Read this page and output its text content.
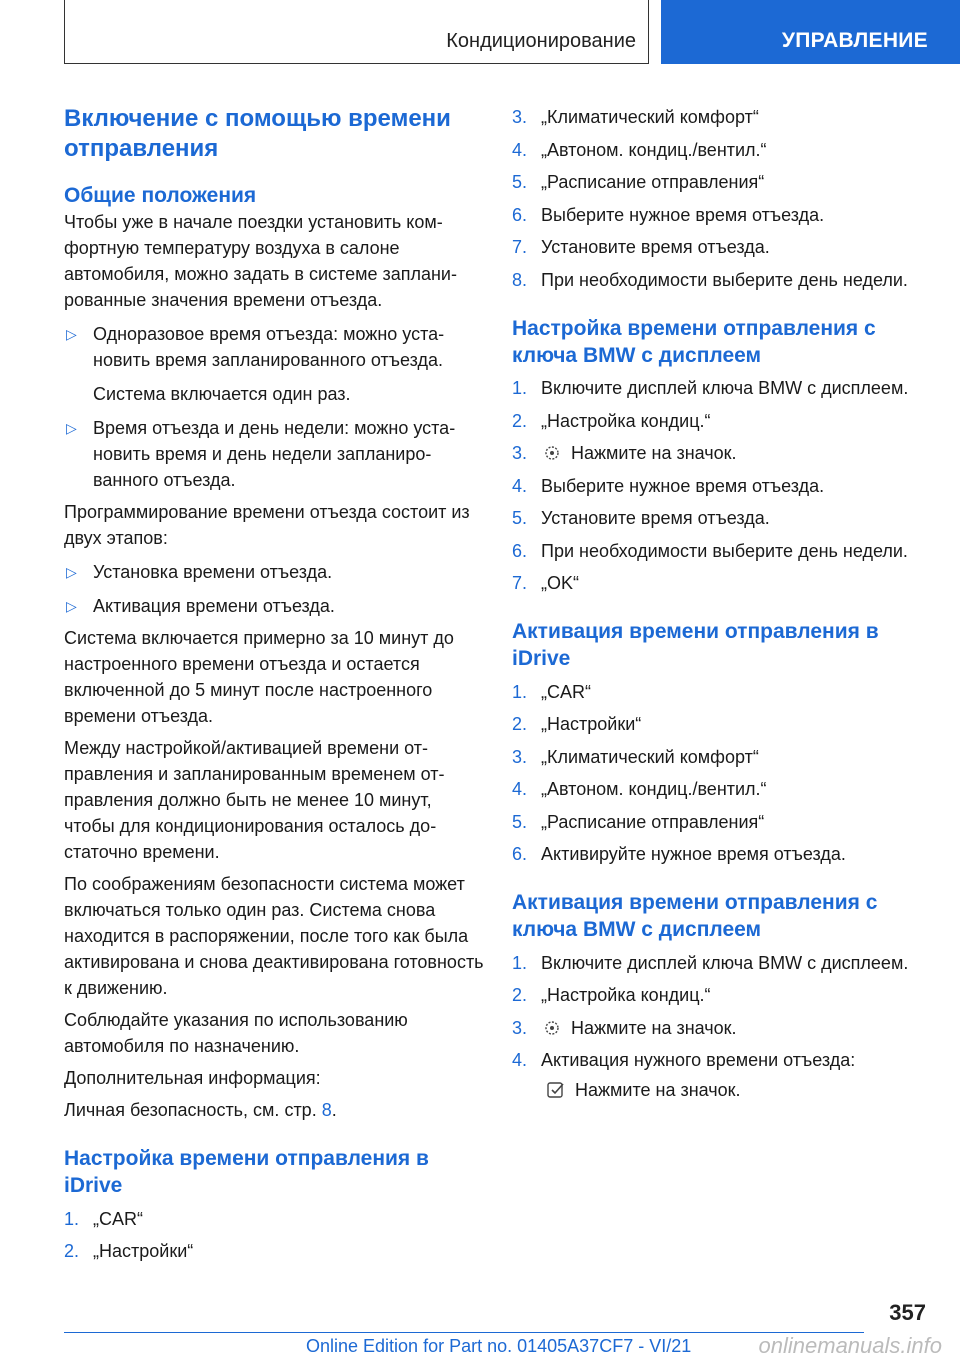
Кондиционирование	УПРАВЛЕНИЕ
Включение с помощью времени отправления
Общие положения

Чтобы уже в начале поездки установить комфортную температуру воздуха в салоне автомобиля, можно задать в системе запланированные значения времени отъезда.

▷ Одноразовое время отъезда: можно установить время запланированного отъезда.
Система включается один раз.
▷ Время отъезда и день недели: можно установить время и день недели запланированного отъезда.

Программирование времени отъезда состоит из двух этапов:

▷ Установка времени отъезда.
▷ Активация времени отъезда.

Система включается примерно за 10 минут до настроенного времени отъезда и остается включенной до 5 минут после настроенного времени отъезда.

Между настройкой/активацией времени отправления и запланированным временем отправления должно быть не менее 10 минут, чтобы для кондиционирования осталось достаточно времени.

По соображениям безопасности система может включаться только один раз. Система снова находится в распоряжении, после того как была активирована и снова деактивирована готовность к движению.

Соблюдайте указания по использованию автомобиля по назначению.

Дополнительная информация:

Личная безопасность, см. стр. 8.

Настройка времени отправления в iDrive
1. „CAR“
2. „Настройки“
3. „Климатический комфорт“
4. „Автоном. кондиц./вентил.“
5. „Расписание отправления“
6. Выберите нужное время отъезда.
7. Установите время отъезда.
8. При необходимости выберите день недели.
Настройка времени отправления с ключа BMW с дисплеем
1. Включите дисплей ключа BMW с дисплеем.
2. „Настройка кондиц.“
3. Нажмите на значок.
4. Выберите нужное время отъезда.
5. Установите время отъезда.
6. При необходимости выберите день недели.
7. „OK“
Активация времени отправления в iDrive
1. „CAR“
2. „Настройки“
3. „Климатический комфорт“
4. „Автоном. кондиц./вентил.“
5. „Расписание отправления“
6. Активируйте нужное время отъезда.
Активация времени отправления с ключа BMW с дисплеем
1. Включите дисплей ключа BMW с дисплеем.
2. „Настройка кондиц.“
3. Нажмите на значок.
4. Активация нужного времени отъезда:
Нажмите на значок.
357
Online Edition for Part no. 01405A37CF7 - VI/21	onlinemanuals.info
